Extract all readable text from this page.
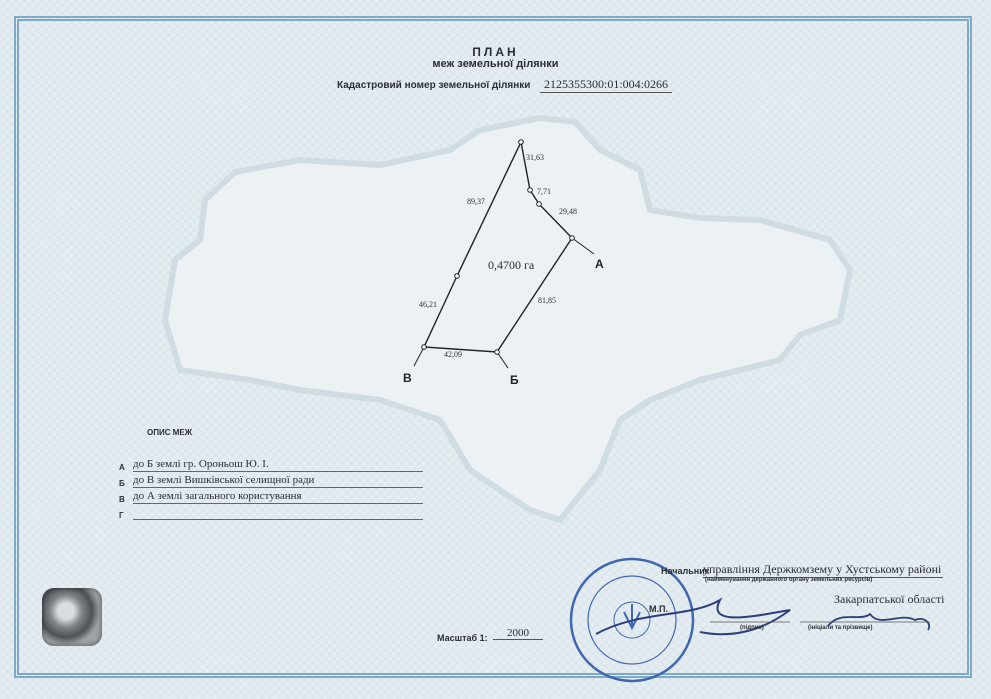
ПЛАН
меж земельної ділянки
Кадастровий номер земельної ділянки	2125355300:01:004:0266
31,63
7,71
29,48
89,37
46,21	81,85
42,09
А
Б
В
0,4700 га
ОПИС МЕЖ
А до Б землі гр. Ороньош Ю. І.
Б до В землі Вишківської селищної ради
В до А землі загального користування
Г
Масштаб 1:	2000
Начальник
управління Держкомзему у Хустському районі
(найменування державного органу земельних ресурсів)
Закарпатської області
М.П.
(підпис)	(ініціали та прізвище)
